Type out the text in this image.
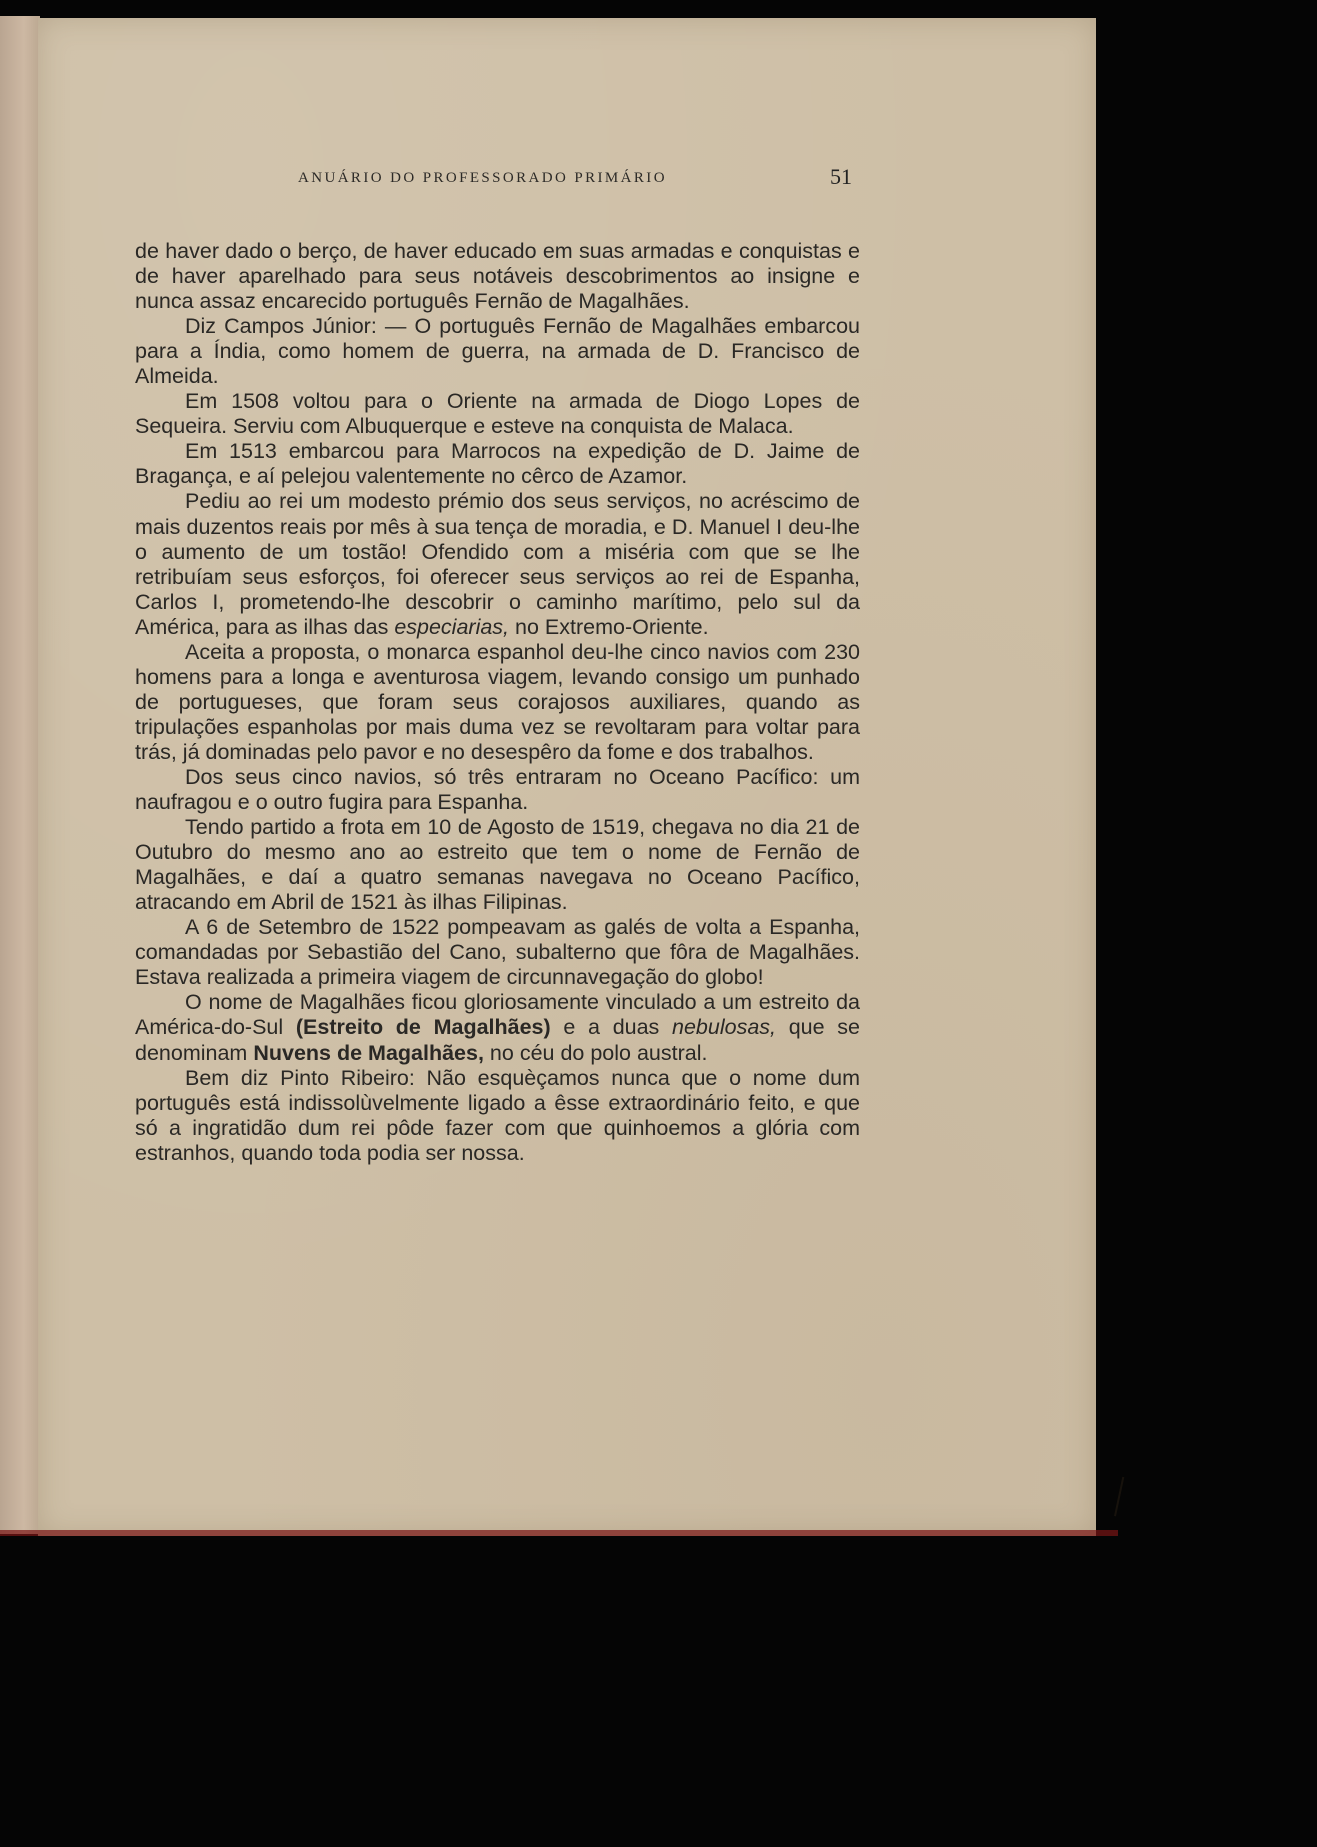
ANUÁRIO DO PROFESSORADO PRIMÁRIO	51

de haver dado o berço, de haver educado em suas armadas e conquistas e de haver aparelhado para seus notáveis descobrimentos ao insigne e nunca assaz encarecido português Fernão de Magalhães.

Diz Campos Júnior: — O português Fernão de Magalhães embarcou para a Índia, como homem de guerra, na armada de D. Francisco de Almeida.

Em 1508 voltou para o Oriente na armada de Diogo Lopes de Sequeira. Serviu com Albuquerque e esteve na conquista de Malaca.

Em 1513 embarcou para Marrocos na expedição de D. Jaime de Bragança, e aí pelejou valentemente no cêrco de Azamor.

Pediu ao rei um modesto prémio dos seus serviços, no acréscimo de mais duzentos reais por mês à sua tença de moradia, e D. Manuel I deu-lhe o aumento de um tostão! Ofendido com a miséria com que se lhe retribuíam seus esforços, foi oferecer seus serviços ao rei de Espanha, Carlos I, prometendo-lhe descobrir o caminho marítimo, pelo sul da América, para as ilhas das especiarias, no Extremo-Oriente.

Aceita a proposta, o monarca espanhol deu-lhe cinco navios com 230 homens para a longa e aventurosa viagem, levando consigo um punhado de portugueses, que foram seus corajosos auxiliares, quando as tripulações espanholas por mais duma vez se revoltaram para voltar para trás, já dominadas pelo pavor e no desespêro da fome e dos trabalhos.

Dos seus cinco navios, só três entraram no Oceano Pacífico: um naufragou e o outro fugira para Espanha.

Tendo partido a frota em 10 de Agosto de 1519, chegava no dia 21 de Outubro do mesmo ano ao estreito que tem o nome de Fernão de Magalhães, e daí a quatro semanas navegava no Oceano Pacífico, atracando em Abril de 1521 às ilhas Filipinas.

A 6 de Setembro de 1522 pompeavam as galés de volta a Espanha, comandadas por Sebastião del Cano, subalterno que fôra de Magalhães. Estava realizada a primeira viagem de circunnavegação do globo!

O nome de Magalhães ficou gloriosamente vinculado a um estreito da América-do-Sul (Estreito de Magalhães) e a duas nebulosas, que se denominam Nuvens de Magalhães, no céu do polo austral.

Bem diz Pinto Ribeiro: Não esquèçamos nunca que o nome dum português está indissolùvelmente ligado a êsse extraordinário feito, e que só a ingratidão dum rei pôde fazer com que quinhoemos a glória com estranhos, quando toda podia ser nossa.
